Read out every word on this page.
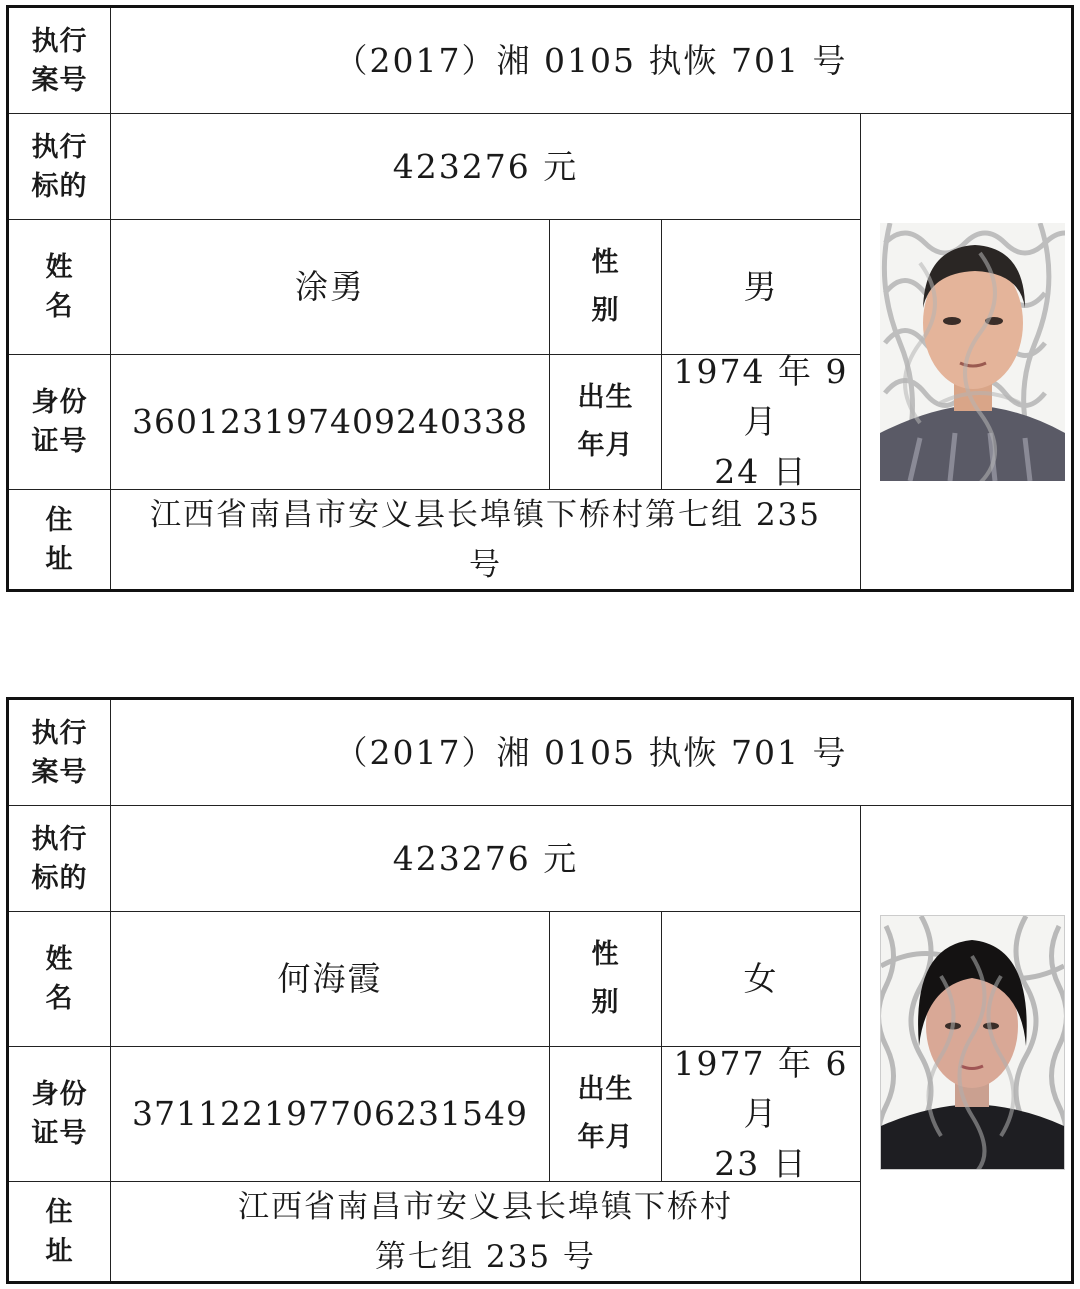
执行
案号
（2017）湘 0105 执恢 701 号
执行
标的
423276 元
姓
名
涂勇
性
别
男
身份
证号
360123197409240338
出生
年月
1974 年 9 月
24 日
住
址
江西省南昌市安义县长埠镇下桥村第七组 235
号
执行
案号
（2017）湘 0105 执恢 701 号
执行
标的
423276 元
姓
名
何海霞
性
别
女
身份
证号
371122197706231549
出生
年月
1977 年 6 月
23 日
住
址
江西省南昌市安义县长埠镇下桥村
第七组 235 号
